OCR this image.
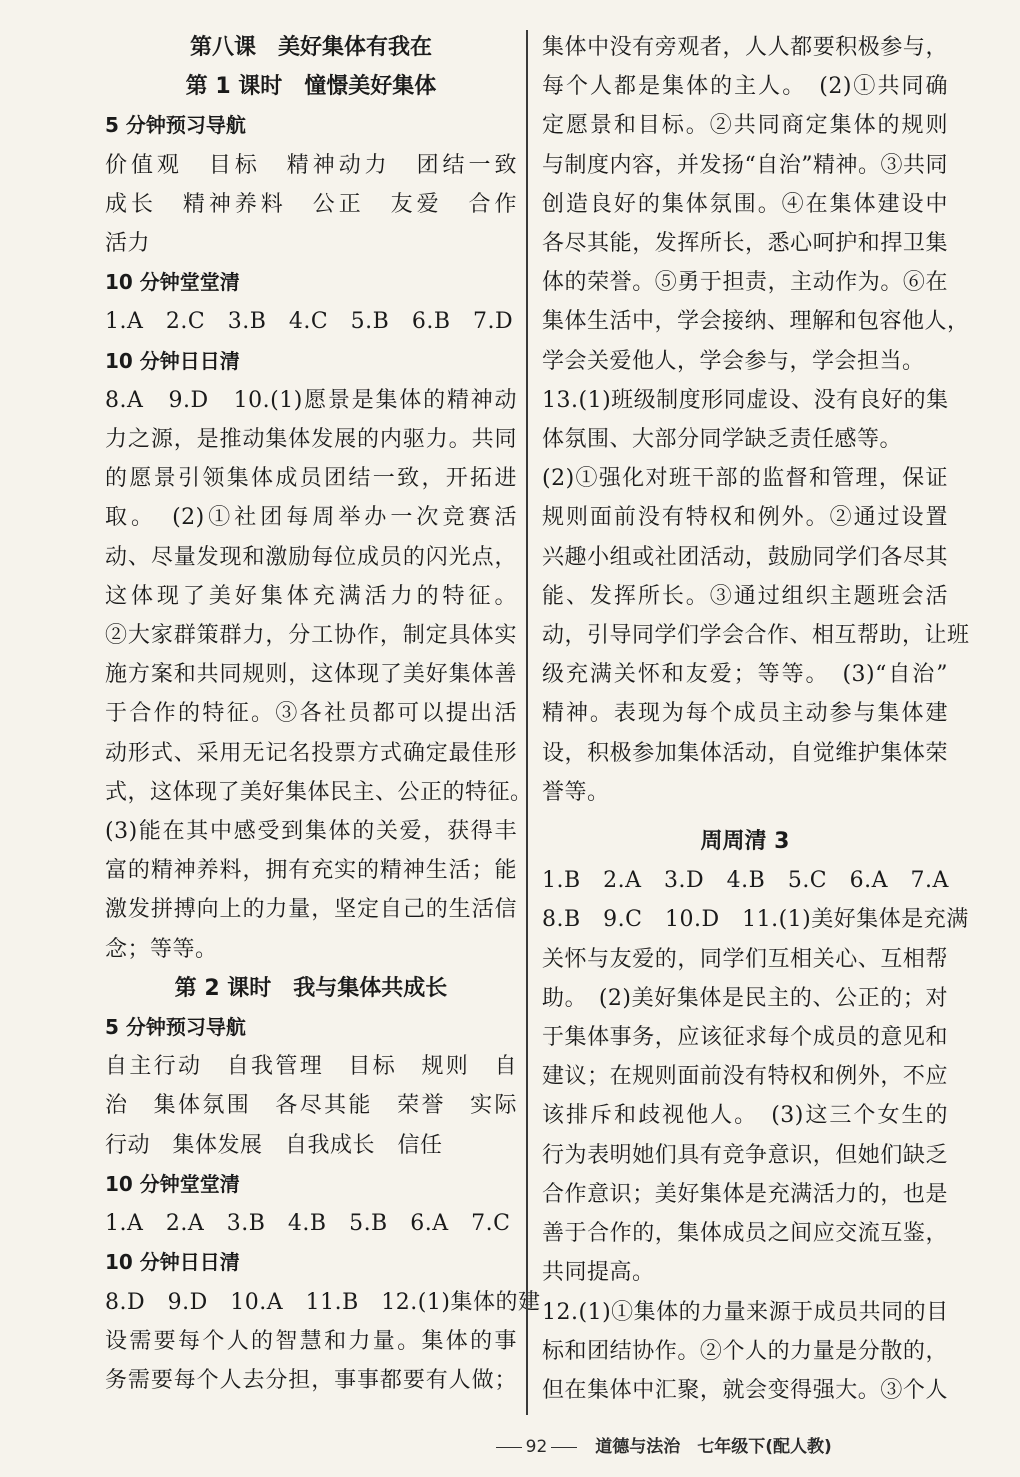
第八课　美好集体有我在

第 1 课时　憧憬美好集体

5 分钟预习导航

价值观　目标　精神动力　团结一致

成长　精神养料　公正　友爱　合作

活力

10 分钟堂堂清

1.A　2.C　3.B　4.C　5.B　6.B　7.D

10 分钟日日清

8.A　9.D　10.(1)愿景是集体的精神动

力之源，是推动集体发展的内驱力。共同

的愿景引领集体成员团结一致，开拓进

取。　(2)①社团每周举办一次竞赛活

动、尽量发现和激励每位成员的闪光点，

这体现了美好集体充满活力的特征。

②大家群策群力，分工协作，制定具体实

施方案和共同规则，这体现了美好集体善

于合作的特征。③各社员都可以提出活

动形式、采用无记名投票方式确定最佳形

式，这体现了美好集体民主、公正的特征。

(3)能在其中感受到集体的关爱，获得丰

富的精神养料，拥有充实的精神生活；能

激发拼搏向上的力量，坚定自己的生活信

念；等等。

第 2 课时　我与集体共成长

5 分钟预习导航

自主行动　自我管理　目标　规则　自

治　集体氛围　各尽其能　荣誉　实际

行动　集体发展　自我成长　信任

10 分钟堂堂清

1.A　2.A　3.B　4.B　5.B　6.A　7.C

10 分钟日日清

8.D　9.D　10.A　11.B　12.(1)集体的建

设需要每个人的智慧和力量。集体的事

务需要每个人去分担，事事都要有人做；

集体中没有旁观者，人人都要积极参与，

每个人都是集体的主人。　(2)①共同确

定愿景和目标。②共同商定集体的规则

与制度内容，并发扬“自治”精神。③共同

创造良好的集体氛围。④在集体建设中

各尽其能，发挥所长，悉心呵护和捍卫集

体的荣誉。⑤勇于担责，主动作为。⑥在

集体生活中，学会接纳、理解和包容他人，

学会关爱他人，学会参与，学会担当。

13.(1)班级制度形同虚设、没有良好的集

体氛围、大部分同学缺乏责任感等。

(2)①强化对班干部的监督和管理，保证

规则面前没有特权和例外。②通过设置

兴趣小组或社团活动，鼓励同学们各尽其

能、发挥所长。③通过组织主题班会活

动，引导同学们学会合作、相互帮助，让班

级充满关怀和友爱；等等。　(3)“自治”

精神。表现为每个成员主动参与集体建

设，积极参加集体活动，自觉维护集体荣

誉等。

周周清 3

1.B　2.A　3.D　4.B　5.C　6.A　7.A

8.B　9.C　10.D　11.(1)美好集体是充满

关怀与友爱的，同学们互相关心、互相帮

助。　(2)美好集体是民主的、公正的；对

于集体事务，应该征求每个成员的意见和

建议；在规则面前没有特权和例外，不应

该排斥和歧视他人。　(3)这三个女生的

行为表明她们具有竞争意识，但她们缺乏

合作意识；美好集体是充满活力的，也是

善于合作的，集体成员之间应交流互鉴，

共同提高。

12.(1)①集体的力量来源于成员共同的目

标和团结协作。②个人的力量是分散的，

但在集体中汇聚，就会变得强大。③个人

92	道德与法治　七年级下(配人教)
